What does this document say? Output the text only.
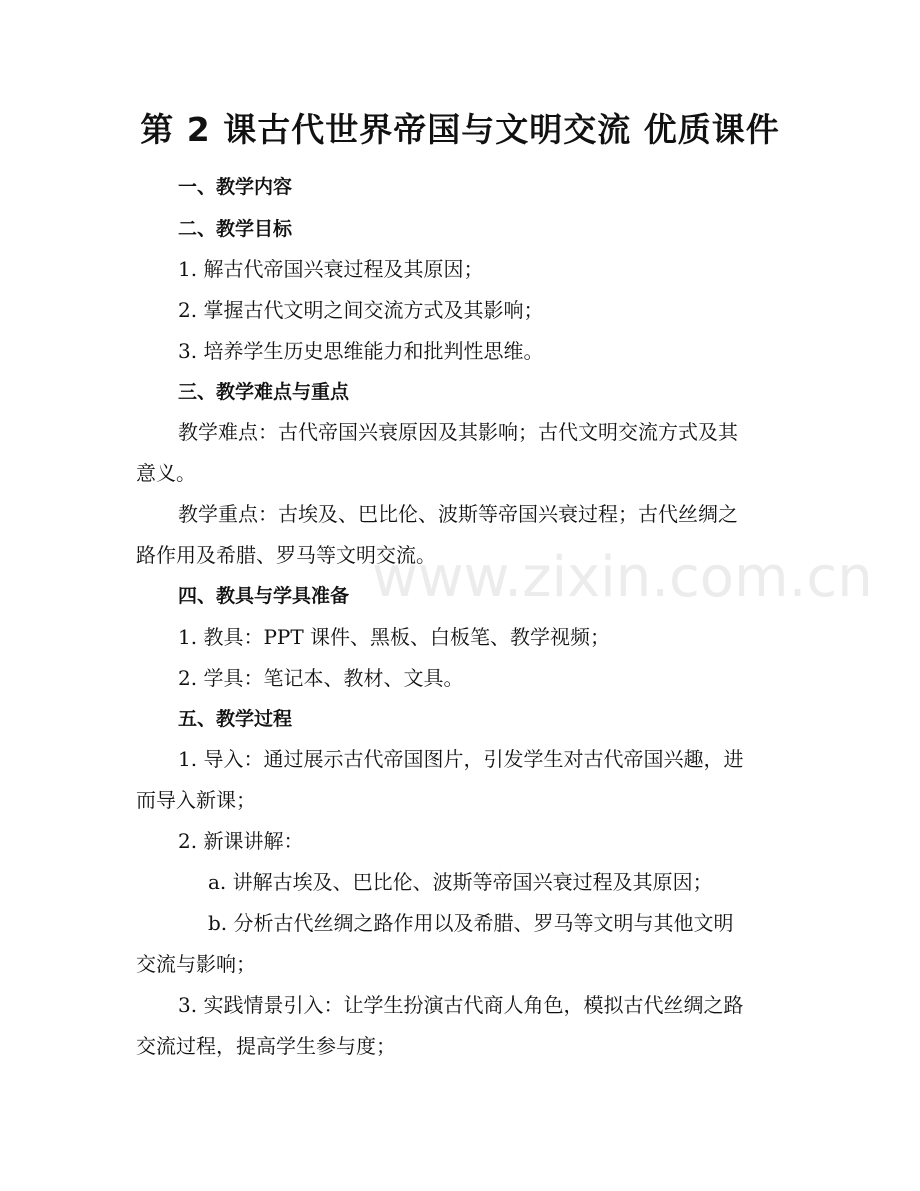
www.zixin.com.cn
第 2 课古代世界帝国与文明交流 优质课件
一、教学内容
二、教学目标
1. 解古代帝国兴衰过程及其原因；
2. 掌握古代文明之间交流方式及其影响；
3. 培养学生历史思维能力和批判性思维。
三、教学难点与重点
教学难点：古代帝国兴衰原因及其影响；古代文明交流方式及其
意义。
教学重点：古埃及、巴比伦、波斯等帝国兴衰过程；古代丝绸之
路作用及希腊、罗马等文明交流。
四、教具与学具准备
1. 教具：PPT 课件、黑板、白板笔、教学视频；
2. 学具：笔记本、教材、文具。
五、教学过程
1. 导入：通过展示古代帝国图片，引发学生对古代帝国兴趣，进
而导入新课；
2. 新课讲解：
a. 讲解古埃及、巴比伦、波斯等帝国兴衰过程及其原因；
b. 分析古代丝绸之路作用以及希腊、罗马等文明与其他文明
交流与影响；
3. 实践情景引入：让学生扮演古代商人角色，模拟古代丝绸之路
交流过程，提高学生参与度；
